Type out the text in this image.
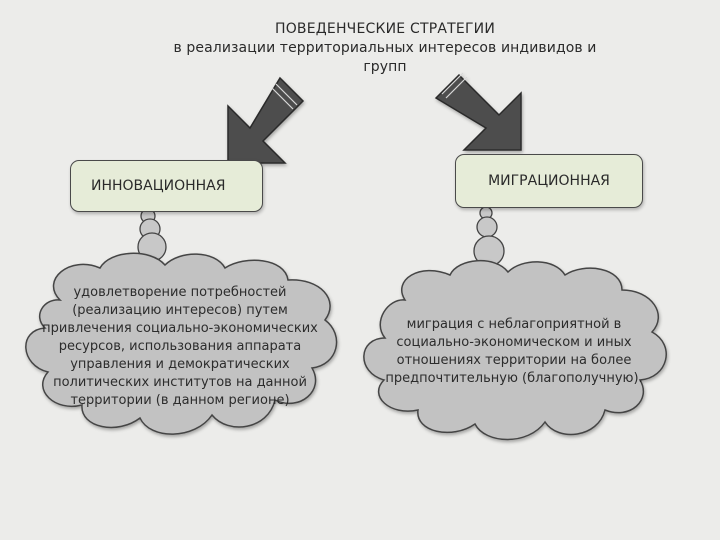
ПОВЕДЕНЧЕСКИЕ СТРАТЕГИИ
в реализации территориальных интересов индивидов и групп
ИННОВАЦИОННАЯ	МИГРАЦИОННАЯ
удовлетворение потребностей (реализацию интересов) путем привлечения социально-экономических ресурсов, использования аппарата управления и демократических политических институтов на данной территории (в данном регионе)
миграция с неблагоприятной в социально-экономическом и иных отношениях территории на более предпочтительную (благополучную).
